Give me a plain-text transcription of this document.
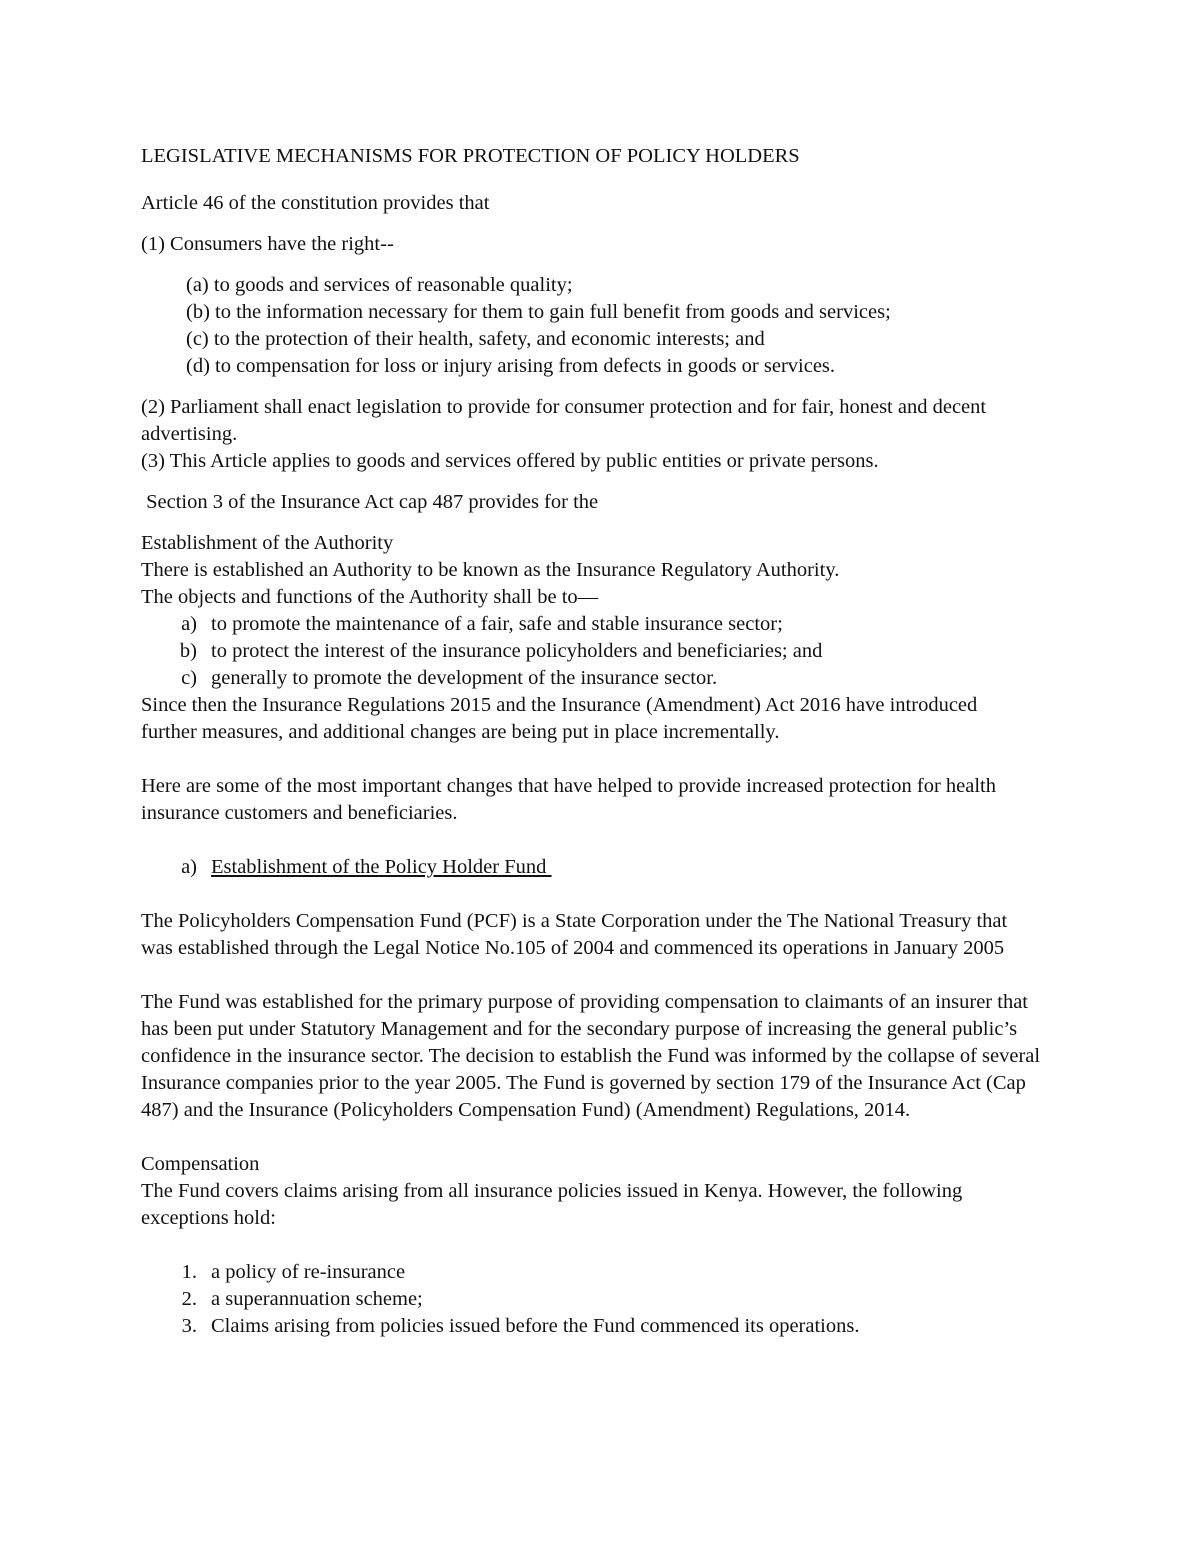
LEGISLATIVE MECHANISMS FOR PROTECTION OF POLICY HOLDERS

Article 46 of the constitution provides that

(1) Consumers have the right--

(a) to goods and services of reasonable quality;

(b) to the information necessary for them to gain full benefit from goods and services;

(c) to the protection of their health, safety, and economic interests; and

(d) to compensation for loss or injury arising from defects in goods or services.

(2) Parliament shall enact legislation to provide for consumer protection and for fair, honest and decent advertising.

(3) This Article applies to goods and services offered by public entities or private persons.

Section 3 of the Insurance Act cap 487 provides for the

Establishment of the Authority

There is established an Authority to be known as the Insurance Regulatory Authority.

The objects and functions of the Authority shall be to—

a) to promote the maintenance of a fair, safe and stable insurance sector;
b) to protect the interest of the insurance policyholders and beneficiaries; and
c) generally to promote the development of the insurance sector.

Since then the Insurance Regulations 2015 and the Insurance (Amendment) Act 2016 have introduced further measures, and additional changes are being put in place incrementally.

Here are some of the most important changes that have helped to provide increased protection for health insurance customers and beneficiaries.

a) Establishment of the Policy Holder Fund

The Policyholders Compensation Fund (PCF) is a State Corporation under the The National Treasury that was established through the Legal Notice No.105 of 2004 and commenced its operations in January 2005

The Fund was established for the primary purpose of providing compensation to claimants of an insurer that has been put under Statutory Management and for the secondary purpose of increasing the general public’s confidence in the insurance sector. The decision to establish the Fund was informed by the collapse of several Insurance companies prior to the year 2005. The Fund is governed by section 179 of the Insurance Act (Cap 487) and the Insurance (Policyholders Compensation Fund) (Amendment) Regulations, 2014.

Compensation

The Fund covers claims arising from all insurance policies issued in Kenya. However, the following exceptions hold:

1. a policy of re-insurance
2. a superannuation scheme;
3. Claims arising from policies issued before the Fund commenced its operations.
